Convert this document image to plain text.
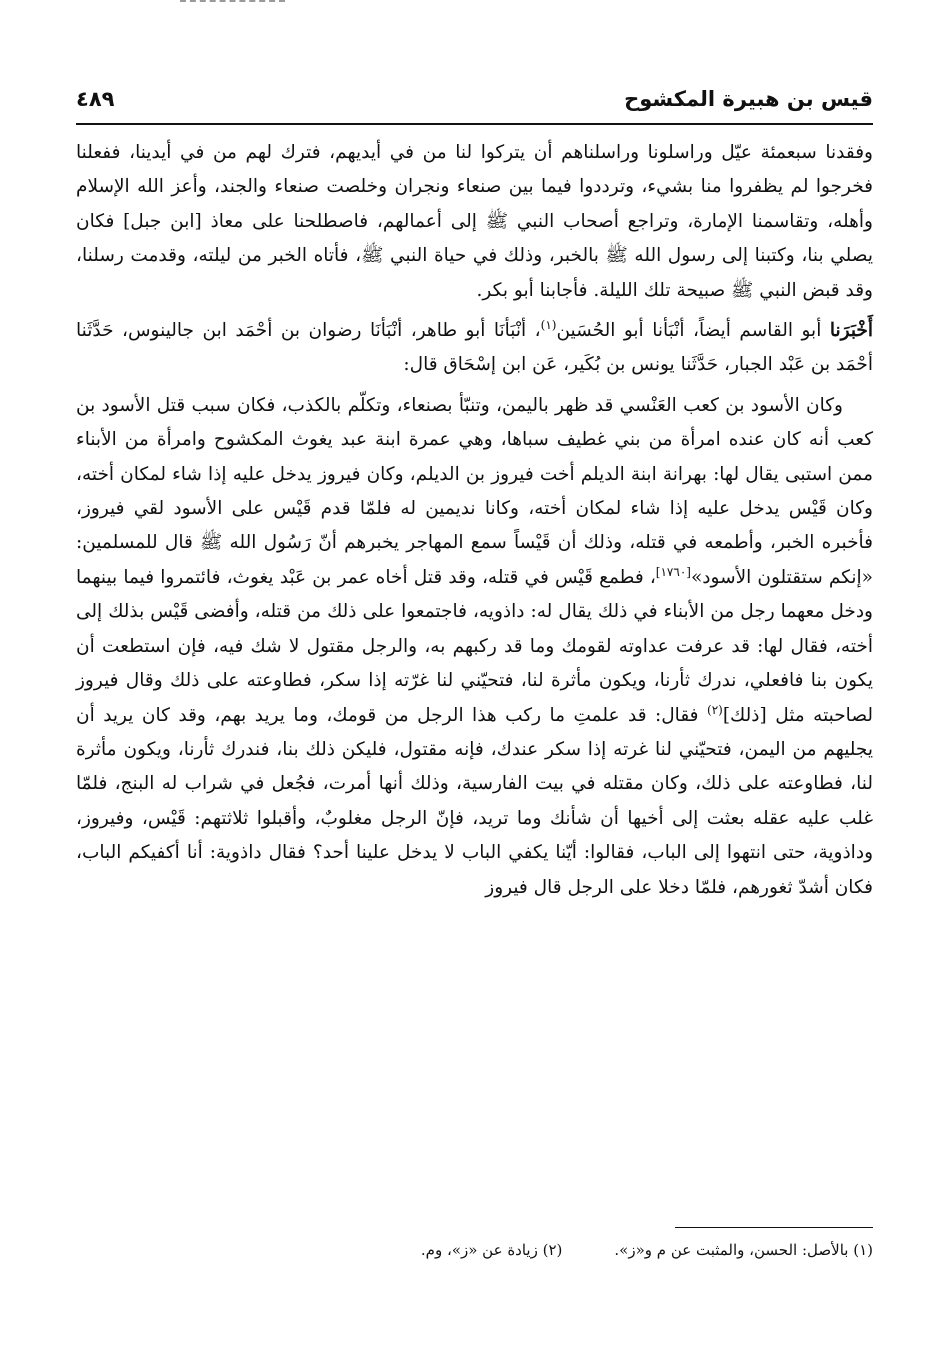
قيس بن هبيرة المكشوح
٤٨٩

وفقدنا سبعمئة عيّل وراسلونا وراسلناهم أن يتركوا لنا من في أيديهم، فترك لهم من في أيدينا، ففعلنا فخرجوا لم يظفروا منا بشيء، وترددوا فيما بين صنعاء ونجران وخلصت صنعاء والجند، وأعز الله الإسلام وأهله، وتقاسمنا الإمارة، وتراجع أصحاب النبي ﷺ إلى أعمالهم، فاصطلحنا على معاذ [ابن جبل] فكان يصلي بنا، وكتبنا إلى رسول الله ﷺ بالخبر، وذلك في حياة النبي ﷺ، فأتاه الخبر من ليلته، وقدمت رسلنا، وقد قبض النبي ﷺ صبيحة تلك الليلة. فأجابنا أبو بكر.

أَخْبَرَنا أبو القاسم أيضاً، أنْبَأنا أبو الحُسَين$^{(١)}$، أنْبَأنَا أبو طاهر، أنْبَأنَا رضوان بن أحْمَد ابن جالينوس، حَدَّثَنا أحْمَد بن عَبْد الجبار، حَدَّثَنا يونس بن بُكَير، عَن ابن إسْحَاق قال:

وكان الأسود بن كعب العَنْسي قد ظهر باليمن، وتنبّأ بصنعاء، وتكلّم بالكذب، فكان سبب قتل الأسود بن كعب أنه كان عنده امرأة من بني غطيف سباها، وهي عمرة ابنة عبد يغوث المكشوح وامرأة من الأبناء ممن استبى يقال لها: بهرانة ابنة الديلم أخت فيروز بن الديلم، وكان فيروز يدخل عليه إذا شاء لمكان أخته، وكان قَيْس يدخل عليه إذا شاء لمكان أخته، وكانا نديمين له فلمّا قدم قَيْس على الأسود لقي فيروز، فأخبره الخبر، وأطمعه في قتله، وذلك أن قَيْساً سمع المهاجر يخبرهم أنّ رَسُول الله ﷺ قال للمسلمين: «إنكم ستقتلون الأسود»[١٧٦٠]، فطمع قَيْس في قتله، وقد قتل أخاه عمر بن عَبْد يغوث، فائتمروا فيما بينهما ودخل معهما رجل من الأبناء في ذلك يقال له: داذويه، فاجتمعوا على ذلك من قتله، وأفضى قَيْس بذلك إلى أخته، فقال لها: قد عرفت عداوته لقومك وما قد ركبهم به، والرجل مقتول لا شك فيه، فإن استطعت أن يكون بنا فافعلي، ندرك ثأرنا، ويكون مأثرة لنا، فتحيّني لنا غرّته إذا سكر، فطاوعته على ذلك وقال فيروز لصاحبته مثل [ذلك]$^{(٢)}$ فقال: قد علمتِ ما ركب هذا الرجل من قومك، وما يريد بهم، وقد كان يريد أن يجليهم من اليمن، فتحيّني لنا غرته إذا سكر عندك، فإنه مقتول، فليكن ذلك بنا، فندرك ثأرنا، ويكون مأثرة لنا، فطاوعته على ذلك، وكان مقتله في بيت الفارسية، وذلك أنها أمرت، فجُعل في شراب له البنج، فلمّا غلب عليه عقله بعثت إلى أخيها أن شأنك وما تريد، فإنّ الرجل مغلوبٌ، وأقبلوا ثلاثتهم: قَيْس، وفيروز، وداذوية، حتى انتهوا إلى الباب، فقالوا: أيّنا يكفي الباب لا يدخل علينا أحد؟ فقال داذوية: أنا أكفيكم الباب، فكان أشدّ ثغورهم، فلمّا دخلا على الرجل قال فيروز

(١) بالأصل: الحسن، والمثبت عن م و«ز».(٢) زيادة عن «ز»، وم.
